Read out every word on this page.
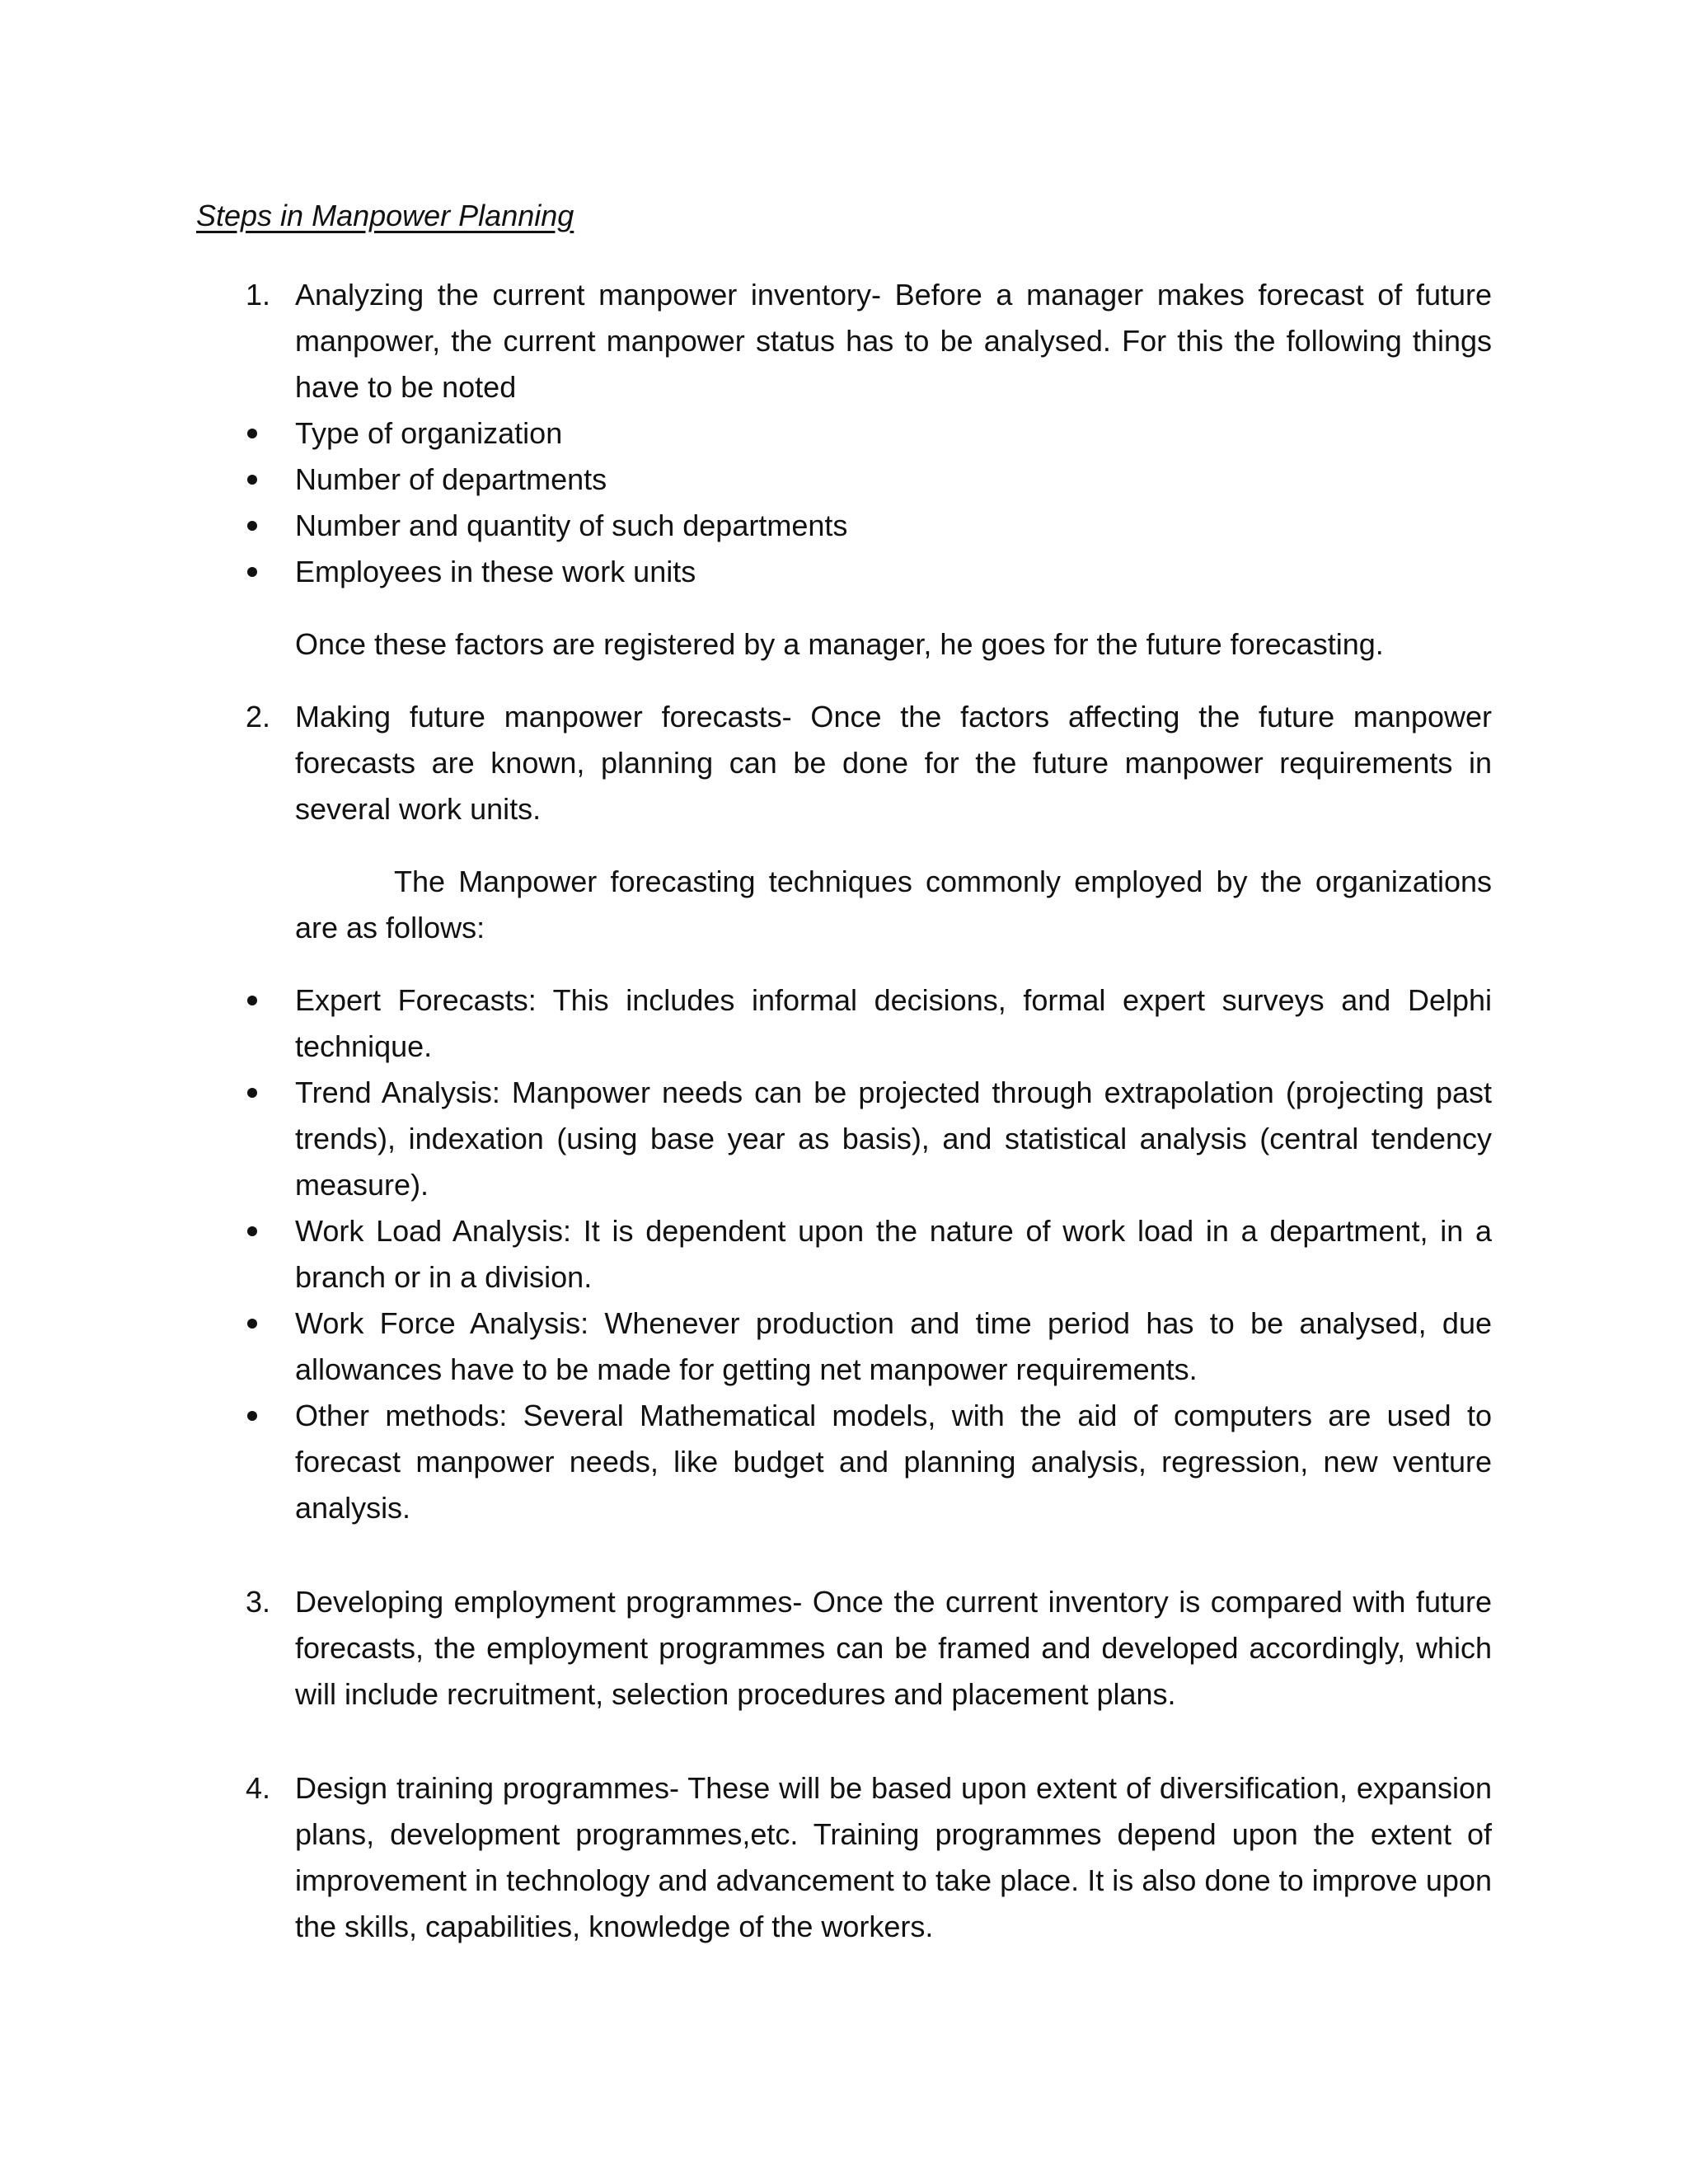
Steps in Manpower Planning
1. Analyzing the current manpower inventory- Before a manager makes forecast of future manpower, the current manpower status has to be analysed. For this the following things have to be noted
Type of organization
Number of departments
Number and quantity of such departments
Employees in these work units
Once these factors are registered by a manager, he goes for the future forecasting.
2. Making future manpower forecasts- Once the factors affecting the future manpower forecasts are known, planning can be done for the future manpower requirements in several work units.
The Manpower forecasting techniques commonly employed by the organizations are as follows:
Expert Forecasts: This includes informal decisions, formal expert surveys and Delphi technique.
Trend Analysis: Manpower needs can be projected through extrapolation (projecting past trends), indexation (using base year as basis), and statistical analysis (central tendency measure).
Work Load Analysis: It is dependent upon the nature of work load in a department, in a branch or in a division.
Work Force Analysis: Whenever production and time period has to be analysed, due allowances have to be made for getting net manpower requirements.
Other methods: Several Mathematical models, with the aid of computers are used to forecast manpower needs, like budget and planning analysis, regression, new venture analysis.
3. Developing employment programmes- Once the current inventory is compared with future forecasts, the employment programmes can be framed and developed accordingly, which will include recruitment, selection procedures and placement plans.
4. Design training programmes- These will be based upon extent of diversification, expansion plans, development programmes,etc. Training programmes depend upon the extent of improvement in technology and advancement to take place. It is also done to improve upon the skills, capabilities, knowledge of the workers.
